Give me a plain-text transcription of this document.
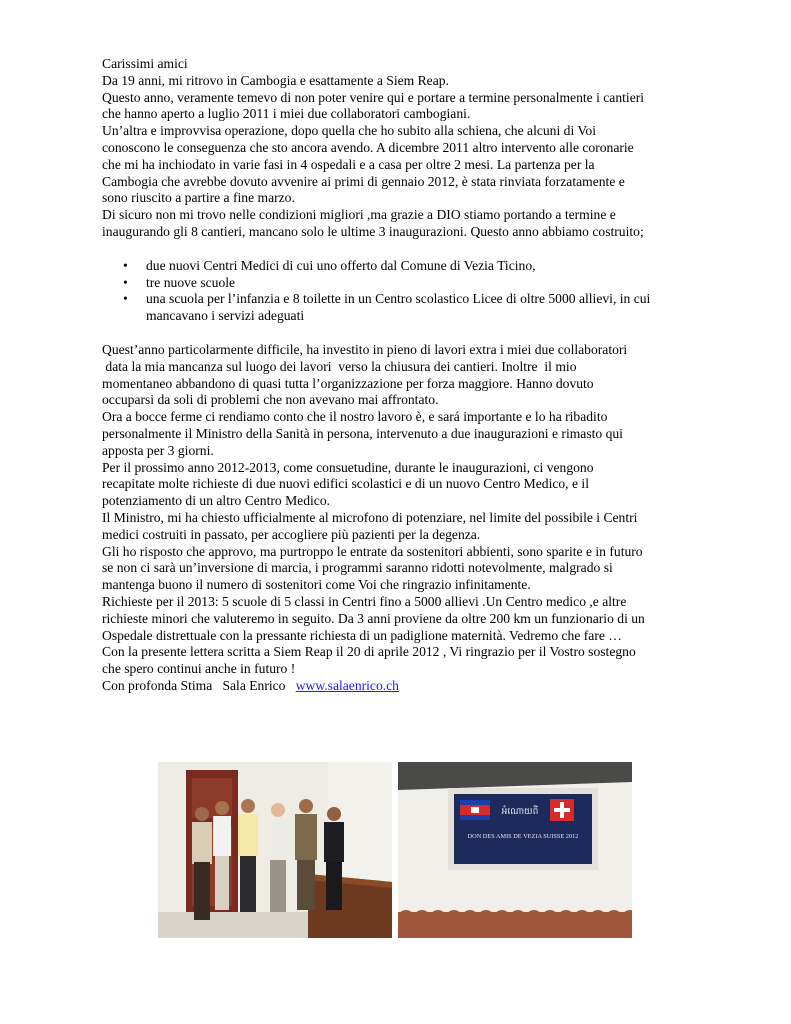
Carissimi amici

Da 19 anni, mi ritrovo in Cambogia e esattamente a Siem Reap.

Questo anno, veramente temevo di non poter venire qui e portare a termine personalmente i cantieri

che hanno aperto a luglio 2011 i miei due collaboratori cambogiani.

Un’altra e improvvisa operazione, dopo quella che ho subito alla schiena, che alcuni di Voi

conoscono le conseguenza che sto ancora avendo. A dicembre 2011 altro intervento alle coronarie

che mi ha inchiodato in varie fasi in 4 ospedali e a casa per oltre 2 mesi. La partenza per la

Cambogia che avrebbe dovuto avvenire ai primi di gennaio 2012, è stata rinviata forzatamente e

sono riuscito a partire a fine marzo.

Di sicuro non mi trovo nelle condizioni migliori ,ma grazie a DIO stiamo portando a termine e

inaugurando gli 8 cantieri, mancano solo le ultime 3 inaugurazioni. Questo anno abbiamo costruito;

• due nuovi Centri Medici di cui uno offerto dal Comune di Vezia Ticino,
• tre nuove scuole
• una scuola per l’infanzia e 8 toilette in un Centro scolastico Licee di oltre 5000 allievi, in cui
mancavano i servizi adeguati

Quest’anno particolarmente difficile, ha investito in pieno di lavori extra i miei due collaboratori

data la mia mancanza sul luogo dei lavori  verso la chiusura dei cantieri. Inoltre  il mio

momentaneo abbandono di quasi tutta l’organizzazione per forza maggiore. Hanno dovuto

occuparsi da soli di problemi che non avevano mai affrontato.

Ora a bocce ferme ci rendiamo conto che il nostro lavoro è, e sará importante e lo ha ribadito

personalmente il Ministro della Sanità in persona, intervenuto a due inaugurazioni e rimasto qui

apposta per 3 giorni.

Per il prossimo anno 2012-2013, come consuetudine, durante le inaugurazioni, ci vengono

recapitate molte richieste di due nuovi edifici scolastici e di un nuovo Centro Medico, e il

potenziamento di un altro Centro Medico.

Il Ministro, mi ha chiesto ufficialmente al microfono di potenziare, nel limite del possibile i Centri

medici costruiti in passato, per accogliere più pazienti per la degenza.

Gli ho risposto che approvo, ma purtroppo le entrate da sostenitori abbienti, sono sparite e in futuro

se non ci sarà un’inversione di marcia, i programmi saranno ridotti notevolmente, malgrado si

mantenga buono il numero di sostenitori come Voi che ringrazio infinitamente.

Richieste per il 2013: 5 scuole di 5 classi in Centri fino a 5000 allievi .Un Centro medico ,e altre

richieste minori che valuteremo in seguito. Da 3 anni proviene da oltre 200 km un funzionario di un

Ospedale distrettuale con la pressante richiesta di un padiglione maternità. Vedremo che fare …

Con la presente lettera scritta a Siem Reap il 20 di aprile 2012 , Vi ringrazio per il Vostro sostegno

che spero continui anche in futuro !

Con profonda Stima   Sala Enrico www.salaenrico.ch

អំណោយពី
DON DES AMIS DE VEZIA SUISSE 2012
